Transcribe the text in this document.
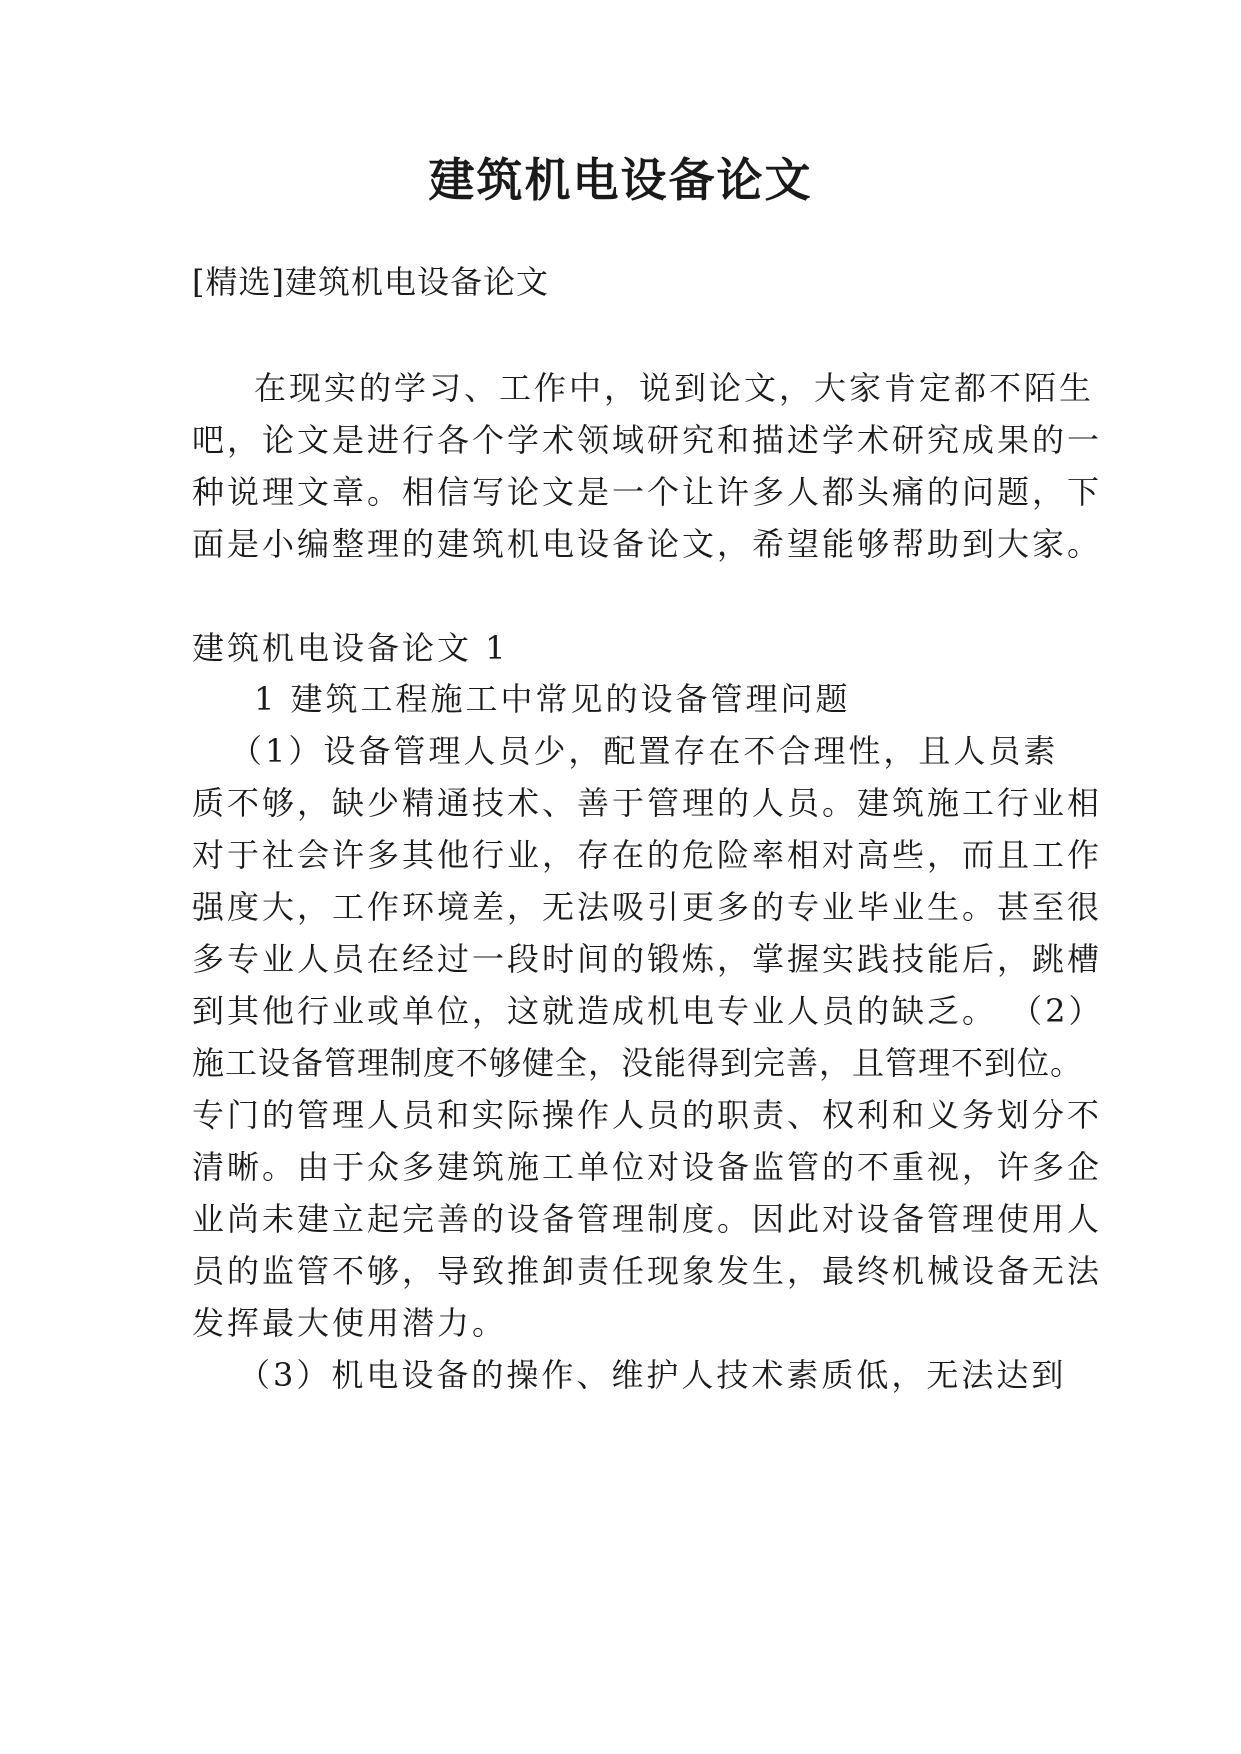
建筑机电设备论文
[精选]建筑机电设备论文
在现实的学习、工作中，说到论文，大家肯定都不陌生
吧，论文是进行各个学术领域研究和描述学术研究成果的一
种说理文章。相信写论文是一个让许多人都头痛的问题，下
面是小编整理的建筑机电设备论文，希望能够帮助到大家。
建筑机电设备论文 1
1 建筑工程施工中常见的设备管理问题
（1）设备管理人员少，配置存在不合理性，且人员素
质不够，缺少精通技术、善于管理的人员。建筑施工行业相
对于社会许多其他行业，存在的危险率相对高些，而且工作
强度大，工作环境差，无法吸引更多的专业毕业生。甚至很
多专业人员在经过一段时间的锻炼，掌握实践技能后，跳槽
到其他行业或单位，这就造成机电专业人员的缺乏。 （2）
施工设备管理制度不够健全，没能得到完善，且管理不到位。
专门的管理人员和实际操作人员的职责、权利和义务划分不
清晰。由于众多建筑施工单位对设备监管的不重视，许多企
业尚未建立起完善的设备管理制度。因此对设备管理使用人
员的监管不够，导致推卸责任现象发生，最终机械设备无法
发挥最大使用潜力。
（3）机电设备的操作、维护人技术素质低，无法达到
